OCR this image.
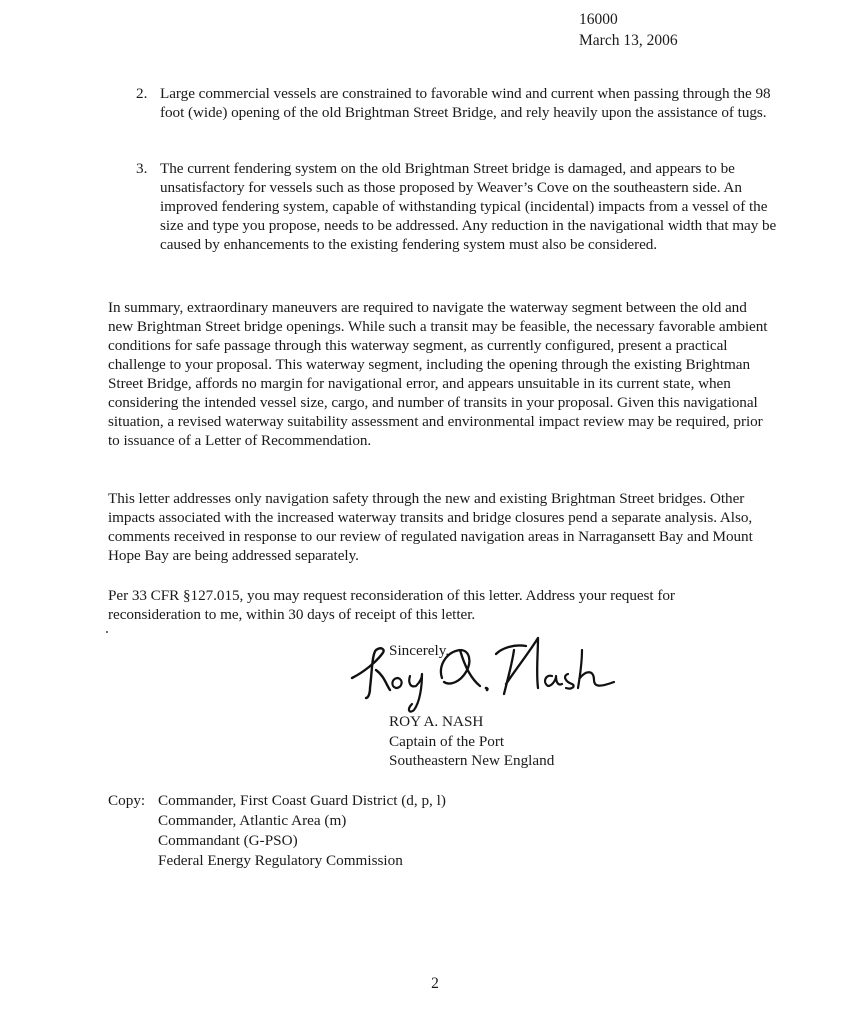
16000
March 13, 2006
2. Large commercial vessels are constrained to favorable wind and current when passing through the 98 foot (wide) opening of the old Brightman Street Bridge, and rely heavily upon the assistance of tugs.
3. The current fendering system on the old Brightman Street bridge is damaged, and appears to be unsatisfactory for vessels such as those proposed by Weaver’s Cove on the southeastern side. An improved fendering system, capable of withstanding typical (incidental) impacts from a vessel of the size and type you propose, needs to be addressed. Any reduction in the navigational width that may be caused by enhancements to the existing fendering system must also be considered.
In summary, extraordinary maneuvers are required to navigate the waterway segment between the old and new Brightman Street bridge openings. While such a transit may be feasible, the necessary favorable ambient conditions for safe passage through this waterway segment, as currently configured, present a practical challenge to your proposal. This waterway segment, including the opening through the existing Brightman Street Bridge, affords no margin for navigational error, and appears unsuitable in its current state, when considering the intended vessel size, cargo, and number of transits in your proposal. Given this navigational situation, a revised waterway suitability assessment and environmental impact review may be required, prior to issuance of a Letter of Recommendation.
This letter addresses only navigation safety through the new and existing Brightman Street bridges. Other impacts associated with the increased waterway transits and bridge closures pend a separate analysis. Also, comments received in response to our review of regulated navigation areas in Narragansett Bay and Mount Hope Bay are being addressed separately.
Per 33 CFR §127.015, you may request reconsideration of this letter. Address your request for reconsideration to me, within 30 days of receipt of this letter.
Sincerely,
ROY A. NASH
Captain of the Port
Southeastern New England
Copy: Commander, First Coast Guard District (d, p, l)
Commander, Atlantic Area (m)
Commandant (G-PSO)
Federal Energy Regulatory Commission
2
